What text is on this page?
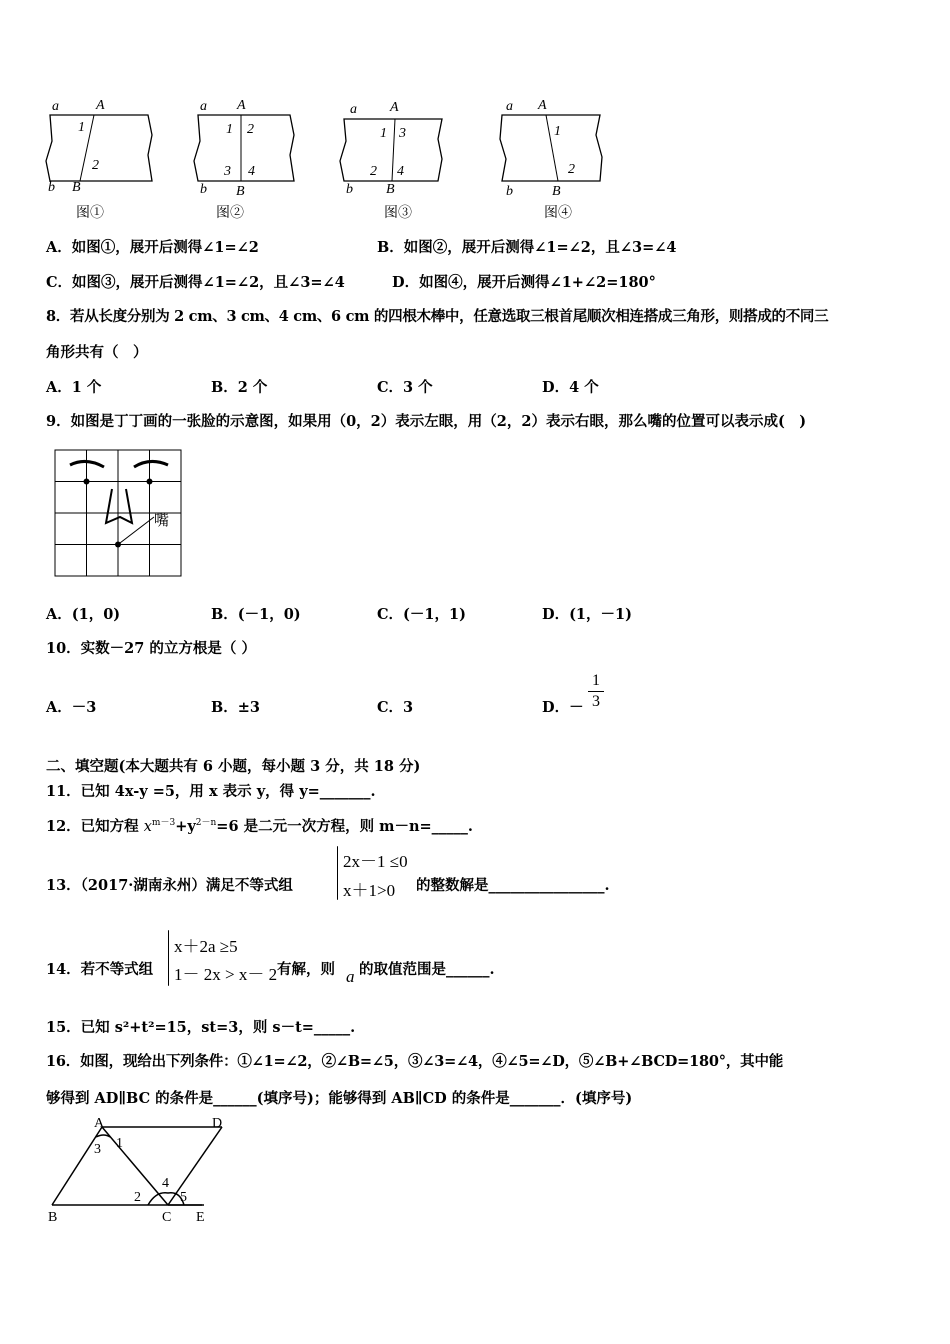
a	A
1
2
b B
图①
a A
1 2
3 4
b B
图②
a A
1 3
2 4
b B
图③
a A
1
2
b	B
图④
A．如图①，展开后测得∠1=∠2	B．如图②，展开后测得∠1=∠2，且∠3=∠4
C．如图③，展开后测得∠1=∠2，且∠3=∠4	D．如图④，展开后测得∠1+∠2=180°
8．若从长度分别为 2 cm、3 cm、4 cm、6 cm 的四根木棒中，任意选取三根首尾顺次相连搭成三角形，则搭成的不同三
角形共有（　）
A．1 个	B．2 个	C．3 个	D．4 个
9．如图是丁丁画的一张脸的示意图，如果用（0，2）表示左眼，用（2，2）表示右眼，那么嘴的位置可以表示成(　)
嘴
A．(1，0)	B．(－1，0)	C．(－1，1)	D．(1，－1)
10．实数－27 的立方根是（ ）
A．－3	B．±3	C．3	D．－
1
3
二、填空题(本大题共有 6 小题，每小题 3 分，共 18 分)
11．已知 4x-y =5，用 x 表示 y，得 y=_______.
12．已知方程 $x^{m-3}+y^{2-n}=6$ 是二元一次方程，则 m－n=_____.
13．（2017·湖南永州）满足不等式组
2x－1 ≤0
x＋1>0 的整数解是________________.
14．若不等式组
x＋2a ≥5
1－ 2x > x－ 2 有解，则 a 的取值范围是______.
15．已知 s²+t²=15，st=3，则 s－t=_____.
16．如图，现给出下列条件：①∠1=∠2，②∠B=∠5，③∠3=∠4，④∠5=∠D，⑤∠B+∠BCD=180°，其中能
够得到 AD∥BC 的条件是______(填序号)；能够得到 AB∥CD 的条件是_______．(填序号)
A	D
B	C E
1
3
2
4
5
